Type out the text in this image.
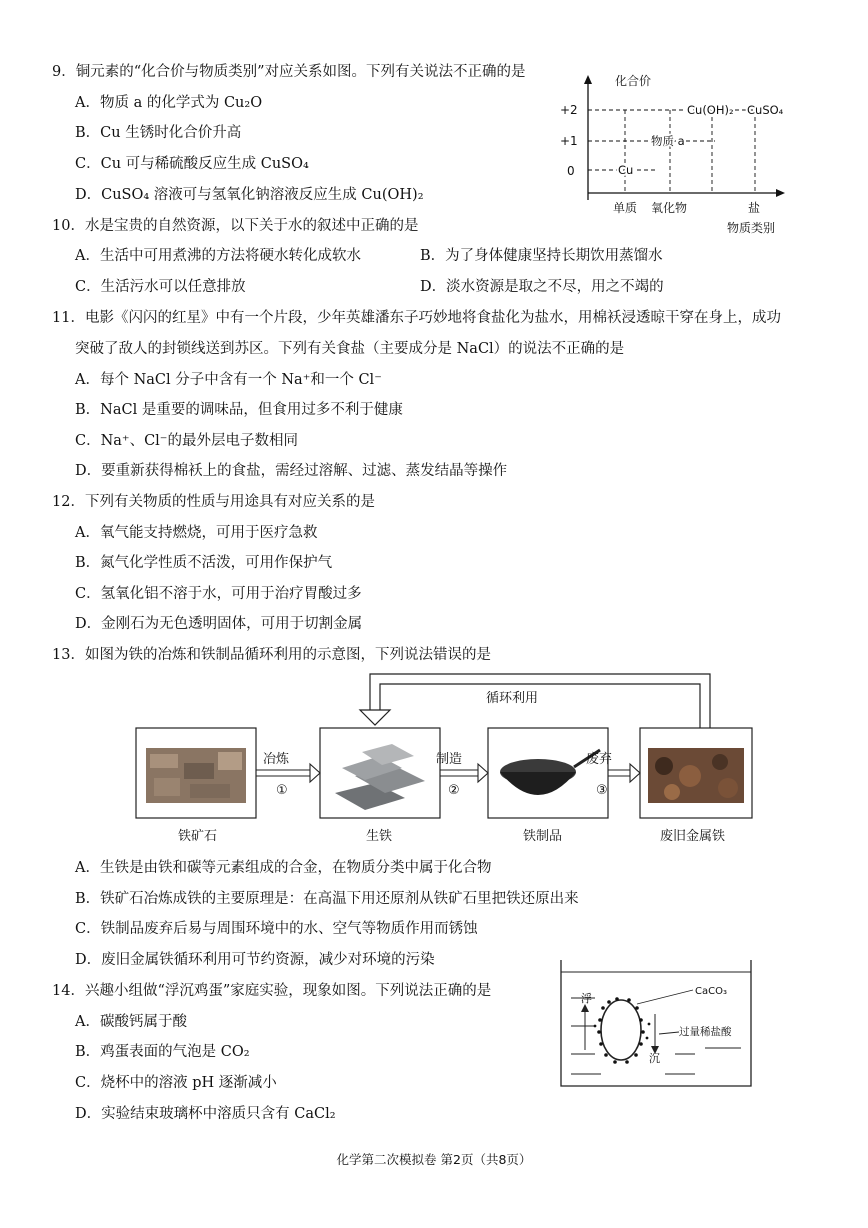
9．铜元素的“化合价与物质类别”对应关系如图。下列有关说法不正确的是
A．物质 a 的化学式为 Cu₂O
B．Cu 生锈时化合价升高
C．Cu 可与稀硫酸反应生成 CuSO₄
D．CuSO₄ 溶液可与氢氧化钠溶液反应生成 Cu(OH)₂
化合价
+2
+1
0
Cu(OH)₂ CuSO₄
物质 a
Cu
单质 氧化物	盐
物质类别
10．水是宝贵的自然资源，以下关于水的叙述中正确的是
A．生活中可用煮沸的方法将硬水转化成软水	B．为了身体健康坚持长期饮用蒸馏水
C．生活污水可以任意排放	D．淡水资源是取之不尽，用之不竭的
11．电影《闪闪的红星》中有一个片段，少年英雄潘东子巧妙地将食盐化为盐水，用棉袄浸透晾干穿在身上，成功
突破了敌人的封锁线送到苏区。下列有关食盐（主要成分是 NaCl）的说法不正确的是
A．每个 NaCl 分子中含有一个 Na⁺和一个 Cl⁻
B．NaCl 是重要的调味品，但食用过多不利于健康
C．Na⁺、Cl⁻的最外层电子数相同
D．要重新获得棉袄上的食盐，需经过溶解、过滤、蒸发结晶等操作
12．下列有关物质的性质与用途具有对应关系的是
A．氧气能支持燃烧，可用于医疗急救
B．氮气化学性质不活泼，可用作保护气
C．氢氧化铝不溶于水，可用于治疗胃酸过多
D．金刚石为无色透明固体，可用于切割金属
13．如图为铁的冶炼和铁制品循环利用的示意图，下列说法错误的是
循环利用
冶炼
①
制造
②
废弃
③
铁矿石	生铁	铁制品	废旧金属铁
A．生铁是由铁和碳等元素组成的合金，在物质分类中属于化合物
B．铁矿石冶炼成铁的主要原理是：在高温下用还原剂从铁矿石里把铁还原出来
C．铁制品废弃后易与周围环境中的水、空气等物质作用而锈蚀
D．废旧金属铁循环利用可节约资源，减少对环境的污染
14．兴趣小组做“浮沉鸡蛋”家庭实验，现象如图。下列说法正确的是
A．碳酸钙属于酸
B．鸡蛋表面的气泡是 CO₂
C．烧杯中的溶液 pH 逐渐减小
D．实验结束玻璃杯中溶质只含有 CaCl₂
浮
沉
CaCO₃
过量稀盐酸
化学第二次模拟卷 第2页（共8页）
